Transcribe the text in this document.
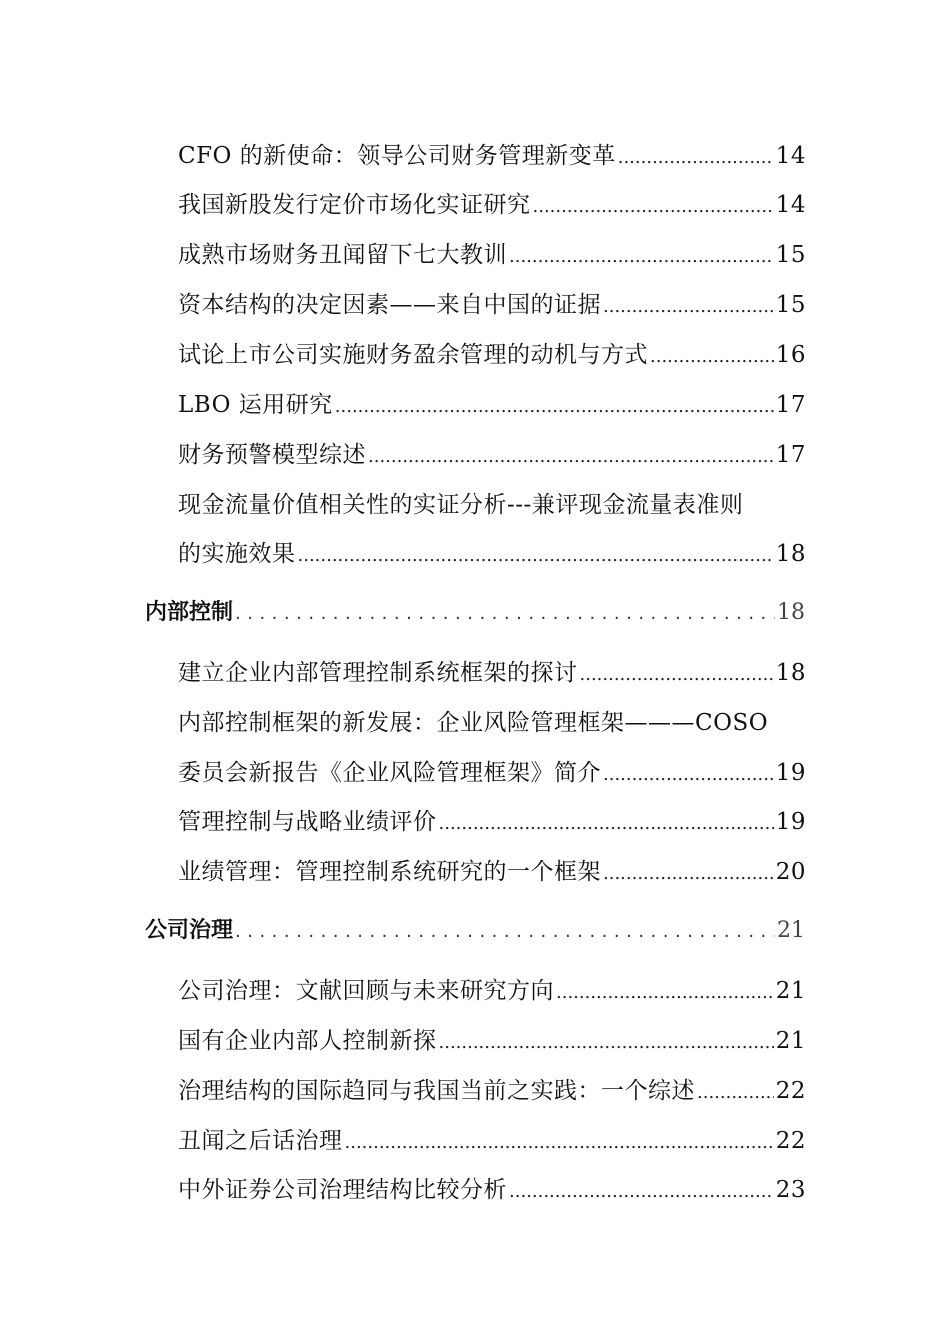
CFO 的新使命：领导公司财务管理新变革 .....	14
我国新股发行定价市场化实证研究 .....	14
成熟市场财务丑闻留下七大教训 .....	15
资本结构的决定因素——来自中国的证据 .....	15
试论上市公司实施财务盈余管理的动机与方式 .....	16
LBO 运用研究 .....	17
财务预警模型综述 .....	17
现金流量价值相关性的实证分析---兼评现金流量表准则
的实施效果 .....	18
内部控制 .....	18
建立企业内部管理控制系统框架的探讨 .....	18
内部控制框架的新发展：企业风险管理框架———COSO
委员会新报告《企业风险管理框架》简介 .....	19
管理控制与战略业绩评价 .....	19
业绩管理：管理控制系统研究的一个框架 .....	20
公司治理 .....	21
公司治理：文献回顾与未来研究方向 .....	21
国有企业内部人控制新探 .....	21
治理结构的国际趋同与我国当前之实践：一个综述 .....	22
丑闻之后话治理 .....	22
中外证券公司治理结构比较分析 .....	23
